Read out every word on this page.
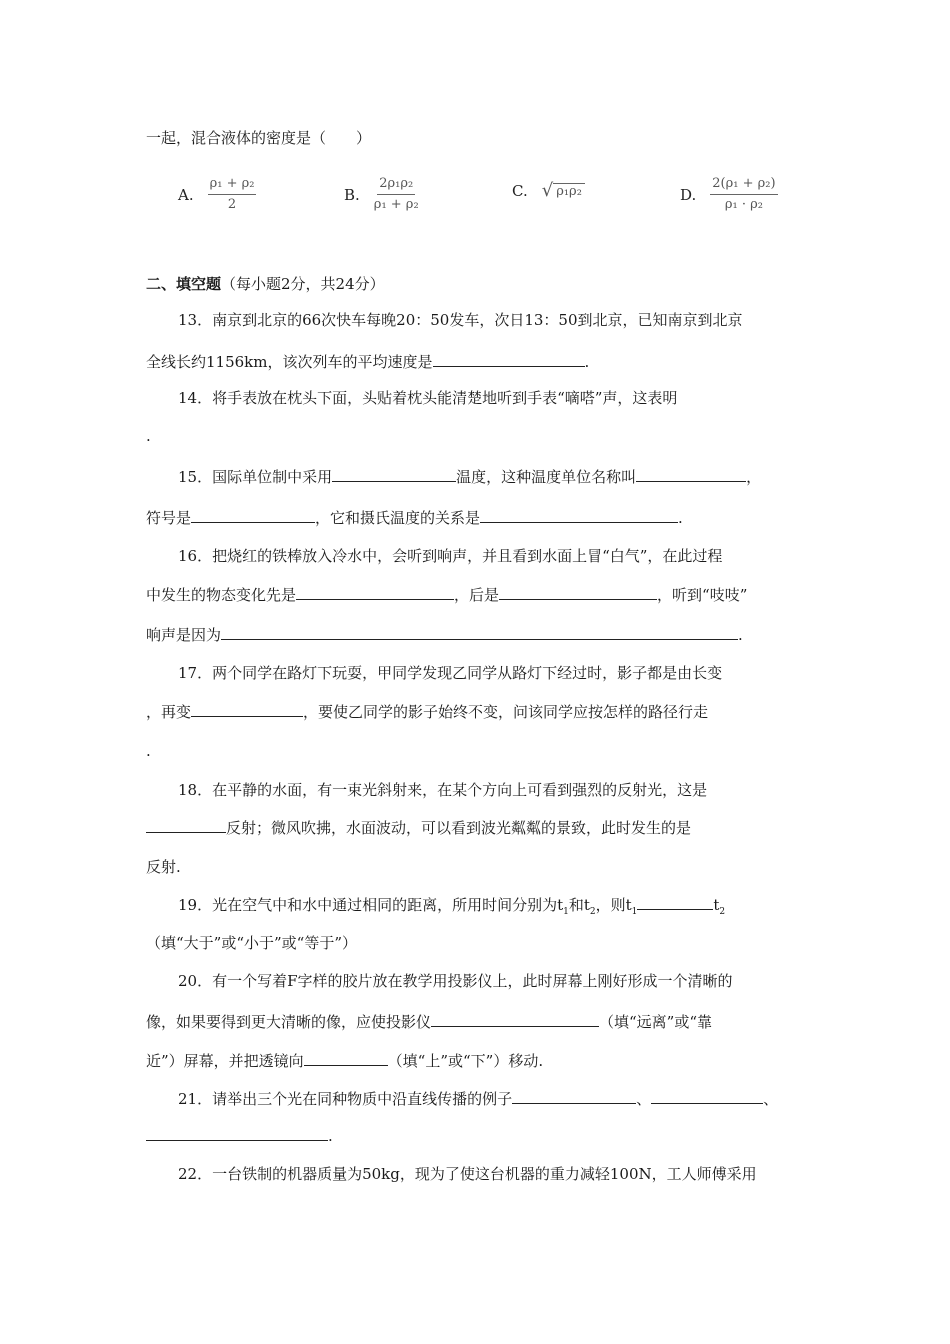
一起，混合液体的密度是（　　）
A. $\frac{\text{ρ₁ + ρ₂}}{2}$	B. $\frac{\text{2ρ₁ρ₂}}{\text{ρ₁ + ρ₂}}$	C. √ ρ₁ρ₂	D. $\frac{\text{2(ρ₁ + ρ₂)}}{\text{ρ₁ · ρ₂}}$
二、填空题（每小题2分，共24分）
13．南京到北京的66次快车每晚20：50发车，次日13：50到北京，已知南京到北京
全线长约1156km，该次列车的平均速度是	.
14．将手表放在枕头下面，头贴着枕头能清楚地听到手表“嘀嗒”声，这表明
.
15．国际单位制中采用	温度，这种温度单位名称叫	，
符号是	，它和摄氏温度的关系是	.
16．把烧红的铁棒放入冷水中，会听到响声，并且看到水面上冒“白气”，在此过程
中发生的物态变化先是	，后是	，听到“吱吱”
响声是因为	.
17．两个同学在路灯下玩耍，甲同学发现乙同学从路灯下经过时，影子都是由长变
，再变	，要使乙同学的影子始终不变，问该同学应按怎样的路径行走
.
18．在平静的水面，有一束光斜射来，在某个方向上可看到强烈的反射光，这是
反射；微风吹拂，水面波动，可以看到波光粼粼的景致，此时发生的是
反射.
19．光在空气中和水中通过相同的距离，所用时间分别为$t_1$和$t_2$，则$t_1$	$t_2$
（填“大于”或“小于”或“等于”）
20．有一个写着F字样的胶片放在教学用投影仪上，此时屏幕上刚好形成一个清晰的
像，如果要得到更大清晰的像，应使投影仪	（填“远离”或“靠
近”）屏幕，并把透镜向	（填“上”或“下”）移动.
21．请举出三个光在同种物质中沿直线传播的例子	、	、
.
22．一台铁制的机器质量为50kg，现为了使这台机器的重力减轻100N，工人师傅采用
